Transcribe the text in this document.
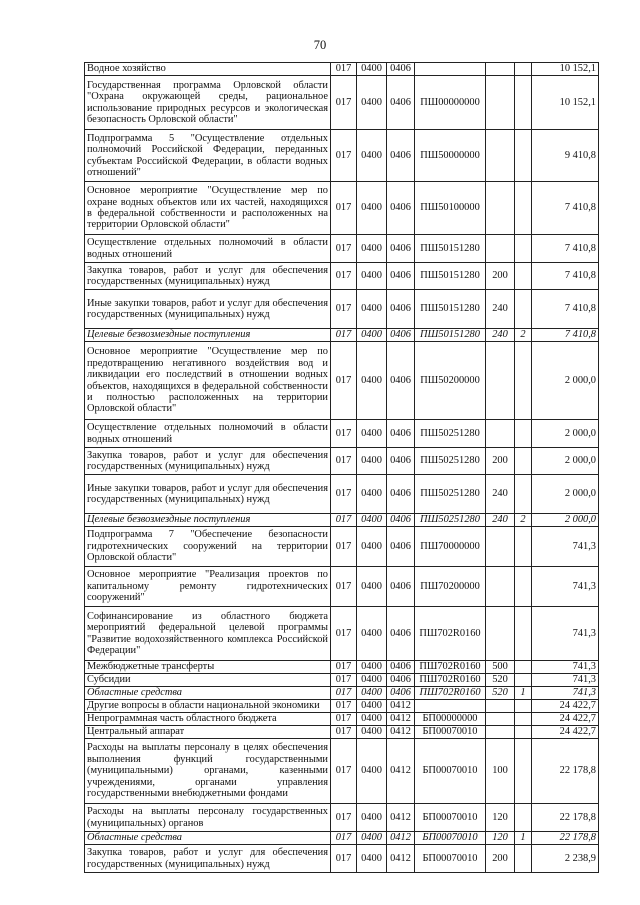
70
Водное хозяйство	017	0400	0406				10 152,1
Государственная программа Орловской области "Охрана окружающей среды, рациональное использование природных ресурсов и экологическая безопасность Орловской области"	017	0400	0406	ПШ00000000			10 152,1
Подпрограмма 5 "Осуществление отдельных полномочий Российской Федерации, переданных субъектам Российской Федерации, в области водных отношений"	017	0400	0406	ПШ50000000			9 410,8
Основное мероприятие "Осуществление мер по охране водных объектов или их частей, находящихся в федеральной собственности и расположенных на территории Орловской области"	017	0400	0406	ПШ50100000			7 410,8
Осуществление отдельных полномочий в области водных отношений	017	0400	0406	ПШ50151280			7 410,8
Закупка товаров, работ и услуг для обеспечения государственных (муниципальных) нужд	017	0400	0406	ПШ50151280	200		7 410,8
Иные закупки товаров, работ и услуг для обеспечения государственных (муниципальных) нужд	017	0400	0406	ПШ50151280	240		7 410,8
Целевые безвозмездные поступления	017	0400	0406	ПШ50151280	240	2	7 410,8
Основное мероприятие "Осуществление мер по предотвращению негативного воздействия вод и ликвидации его последствий в отношении водных объектов, находящихся в федеральной собственности и полностью расположенных на территории Орловской области"	017	0400	0406	ПШ50200000			2 000,0
Осуществление отдельных полномочий в области водных отношений	017	0400	0406	ПШ50251280			2 000,0
Закупка товаров, работ и услуг для обеспечения государственных (муниципальных) нужд	017	0400	0406	ПШ50251280	200		2 000,0
Иные закупки товаров, работ и услуг для обеспечения государственных (муниципальных) нужд	017	0400	0406	ПШ50251280	240		2 000,0
Целевые безвозмездные поступления	017	0400	0406	ПШ50251280	240	2	2 000,0
Подпрограмма 7 "Обеспечение безопасности гидротехнических сооружений на территории Орловской области"	017	0400	0406	ПШ70000000			741,3
Основное мероприятие "Реализация проектов по капитальному ремонту гидротехнических сооружений"	017	0400	0406	ПШ70200000			741,3
Софинансирование из областного бюджета мероприятий федеральной целевой программы "Развитие водохозяйственного комплекса Российской Федерации"	017	0400	0406	ПШ702R0160			741,3
Межбюджетные трансферты	017	0400	0406	ПШ702R0160	500		741,3
Субсидии	017	0400	0406	ПШ702R0160	520		741,3
Областные средства	017	0400	0406	ПШ702R0160	520	1	741,3
Другие вопросы в области национальной экономики	017	0400	0412				24 422,7
Непрограммная часть областного бюджета	017	0400	0412	БП00000000			24 422,7
Центральный аппарат	017	0400	0412	БП00070010			24 422,7
Расходы на выплаты персоналу в целях обеспечения выполнения функций государственными (муниципальными) органами, казенными учреждениями, органами управления государственными внебюджетными фондами	017	0400	0412	БП00070010	100		22 178,8
Расходы на выплаты персоналу государственных (муниципальных) органов	017	0400	0412	БП00070010	120		22 178,8
Областные средства	017	0400	0412	БП00070010	120	1	22 178,8
Закупка товаров, работ и услуг для обеспечения государственных (муниципальных) нужд	017	0400	0412	БП00070010	200		2 238,9
